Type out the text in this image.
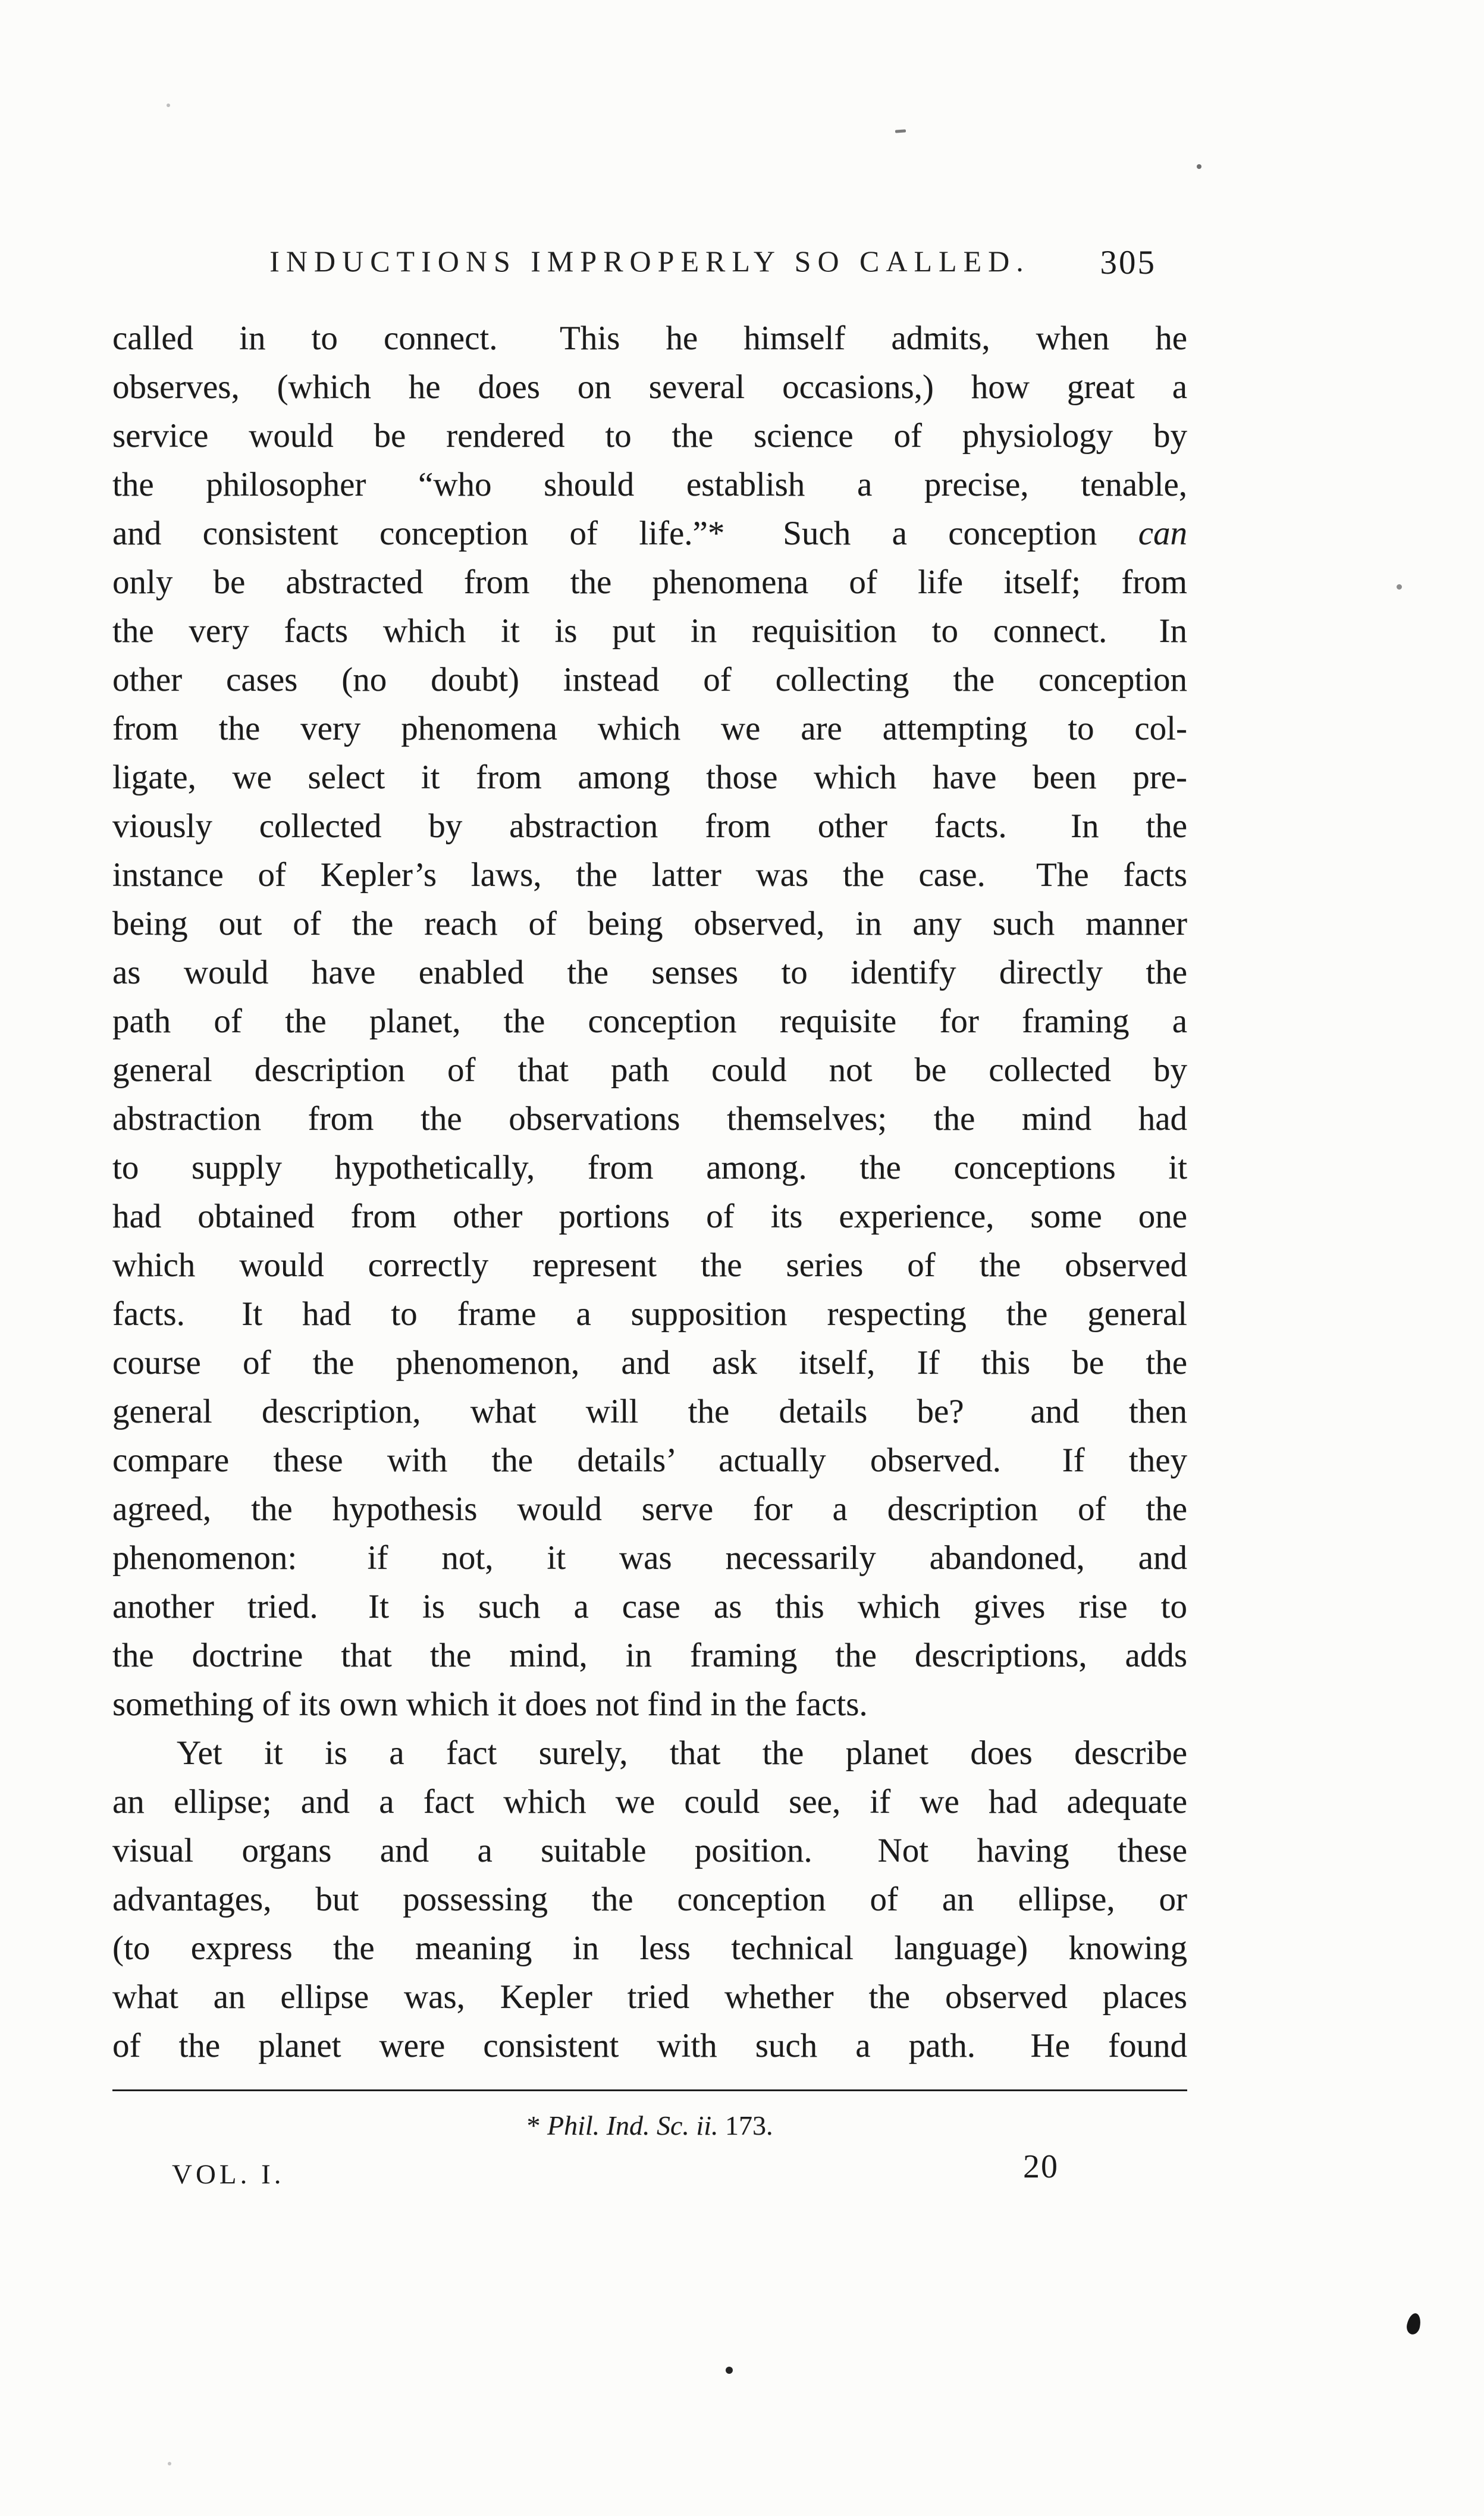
INDUCTIONS IMPROPERLY SO CALLED.	305
called in to connect.  This he himself admits, when he
observes, (which he does on several occasions,) how great a
service would be rendered to the science of physiology by
the philosopher “who should establish a precise, tenable,
and consistent conception of life.”*  Such a conception can
only be abstracted from the phenomena of life itself; from
the very facts which it is put in requisition to connect.  In
other cases (no doubt) instead of collecting the conception
from the very phenomena which we are attempting to col-
ligate, we select it from among those which have been pre-
viously collected by abstraction from other facts.  In the
instance of Kepler’s laws, the latter was the case.  The facts
being out of the reach of being observed, in any such manner
as would have enabled the senses to identify directly the
path of the planet, the conception requisite for framing a
general description of that path could not be collected by
abstraction from the observations themselves; the mind had
to supply hypothetically, from among. the conceptions it
had obtained from other portions of its experience, some one
which would correctly represent the series of the observed
facts.  It had to frame a supposition respecting the general
course of the phenomenon, and ask itself, If this be the
general description, what will the details be?  and then
compare these with the details’ actually observed.  If they
agreed, the hypothesis would serve for a description of the
phenomenon:  if not, it was necessarily abandoned, and
another tried.  It is such a case as this which gives rise to
the doctrine that the mind, in framing the descriptions, adds
something of its own which it does not find in the facts.
Yet it is a fact surely, that the planet does describe
an ellipse; and a fact which we could see, if we had adequate
visual organs and a suitable position.  Not having these
advantages, but possessing the conception of an ellipse, or
(to express the meaning in less technical language) knowing
what an ellipse was, Kepler tried whether the observed places
of the planet were consistent with such a path.  He found
* Phil. Ind. Sc. ii. 173.
VOL. I.	20
